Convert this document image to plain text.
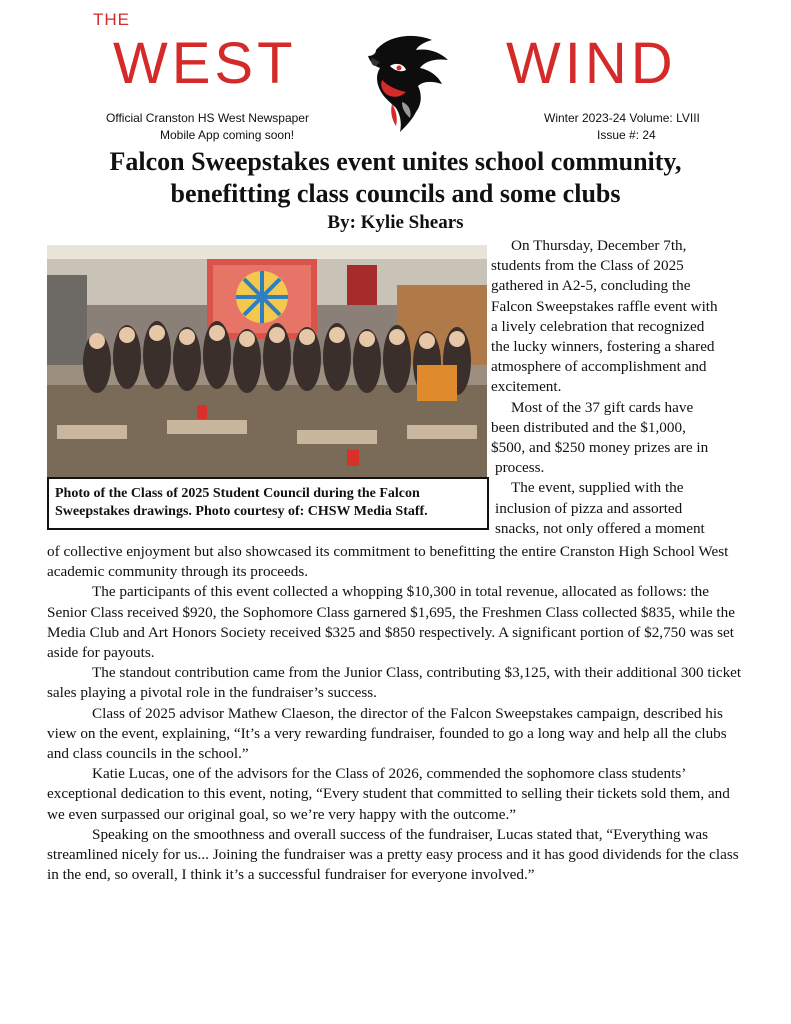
THE
WEST	WIND
Official Cranston HS West Newspaper
Mobile App coming soon!
Winter 2023-24 Volume: LVIII
Issue #: 24
Falcon Sweepstakes event unites school community,
benefitting class councils and some clubs
By: Kylie Shears
Photo of the Class of 2025 Student Council during the Falcon Sweepstakes drawings. Photo courtesy of: CHSW Media Staff.

On Thursday, December 7th,

students from the Class of 2025

gathered in A2-5, concluding the

Falcon Sweepstakes raffle event with

a lively celebration that recognized

the lucky winners, fostering a shared

atmosphere of accomplishment and

excitement.

Most of the 37 gift cards have

been distributed and the $1,000,

$500, and $250 money prizes are in

process.

The event, supplied with the

inclusion of pizza and assorted

snacks, not only offered a moment

of collective enjoyment but also showcased its commitment to benefitting the entire Cranston High School West academic community through its proceeds.

The participants of this event collected a whopping $10,300 in total revenue, allocated as follows: the Senior Class received $920, the Sophomore Class garnered $1,695, the Freshmen Class collected $835, while the Media Club and Art Honors Society received $325 and $850 respectively. A significant portion of $2,750 was set aside for payouts.

The standout contribution came from the Junior Class, contributing $3,125, with their additional 300 ticket sales playing a pivotal role in the fundraiser’s success.

Class of 2025 advisor Mathew Claeson, the director of the Falcon Sweepstakes campaign, described his view on the event, explaining, “It’s a very rewarding fundraiser, founded to go a long way and help all the clubs and class councils in the school.”

Katie Lucas, one of the advisors for the Class of 2026, commended the sophomore class students’ exceptional dedication to this event, noting, “Every student that committed to selling their tickets sold them, and we even surpassed our original goal, so we’re very happy with the outcome.”

Speaking on the smoothness and overall success of the fundraiser, Lucas stated that, “Everything was streamlined nicely for us... Joining the fundraiser was a pretty easy process and it has good dividends for the class in the end, so overall, I think it’s a successful fundraiser for everyone involved.”
